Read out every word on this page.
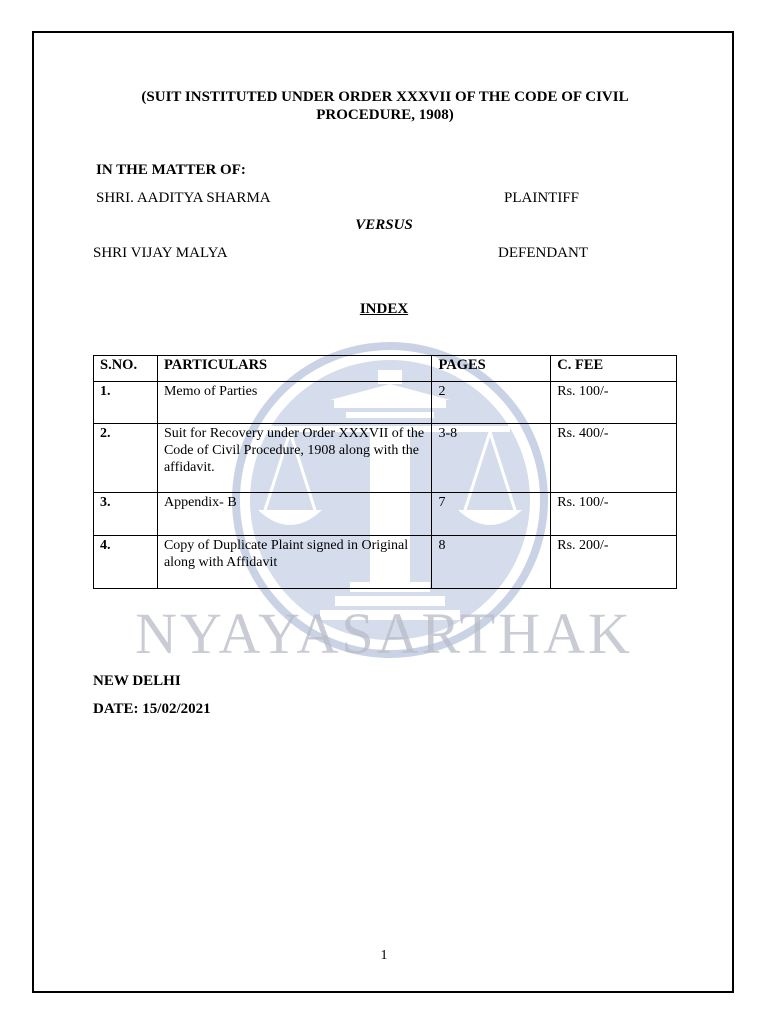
NYAYASARTHAK
(SUIT INSTITUTED UNDER ORDER XXXVII OF THE CODE OF CIVIL
PROCEDURE, 1908)
IN THE MATTER OF:
SHRI. AADITYA SHARMA	PLAINTIFF
VERSUS
SHRI VIJAY MALYA	DEFENDANT
INDEX
S.NO.	PARTICULARS	PAGES	C. FEE
1.	Memo of Parties	2	Rs. 100/-
2.	Suit for Recovery under Order XXXVII of the Code of Civil Procedure, 1908 along with the affidavit.	3-8	Rs. 400/-
3.	Appendix- B	7	Rs. 100/-
4.	Copy of Duplicate Plaint signed in Original along with Affidavit	8	Rs. 200/-
NEW DELHI
DATE: 15/02/2021
1
